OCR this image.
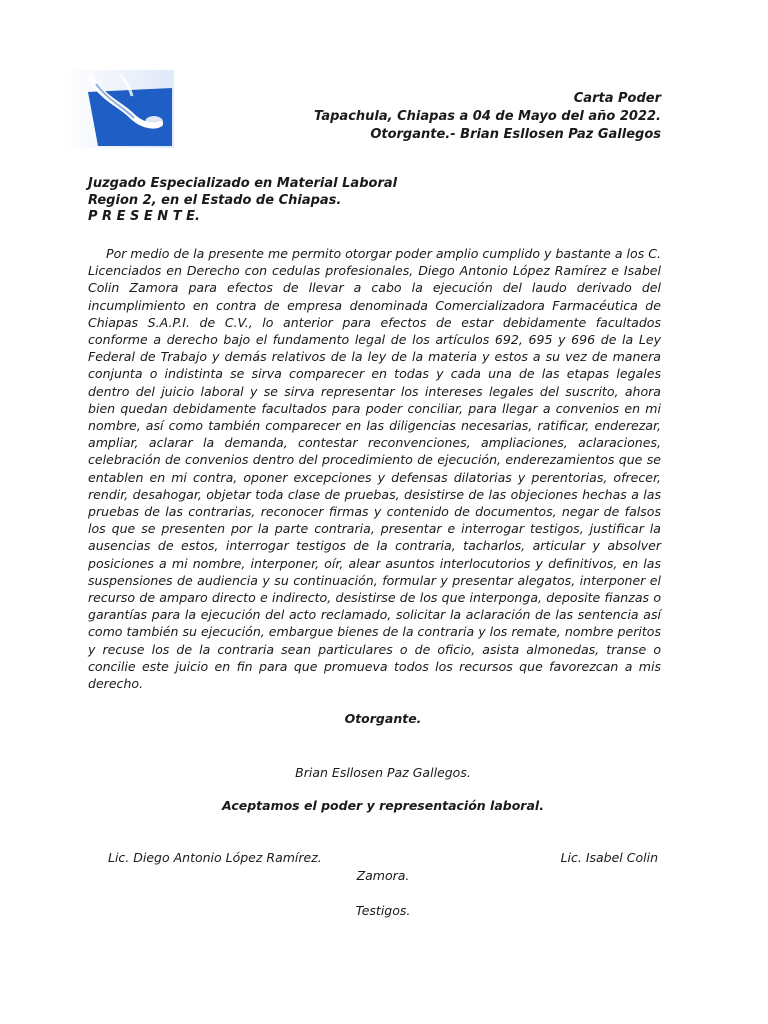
Carta Poder
Tapachula, Chiapas a 04 de Mayo del año 2022.
Otorgante.- Brian Esllosen Paz Gallegos
Juzgado Especializado en Material Laboral
Region 2, en el Estado de Chiapas.
P R E S E N T E.

Por medio de la presente me permito otorgar poder amplio cumplido y bastante a los C. Licenciados en Derecho con cedulas profesionales, Diego Antonio López Ramírez e Isabel Colin Zamora para efectos de llevar a cabo la ejecución del laudo derivado del incumplimiento en contra de empresa denominada Comercializadora Farmacéutica de Chiapas S.A.P.I. de C.V., lo anterior para efectos de estar debidamente facultados conforme a derecho bajo el fundamento legal de los artículos 692, 695 y 696 de la Ley Federal de Trabajo y demás relativos de la ley de la materia y estos a su vez de manera conjunta o indistinta se sirva comparecer en todas y cada una de las etapas legales dentro del juicio laboral y se sirva representar los intereses legales del suscrito, ahora bien quedan debidamente facultados para poder conciliar, para llegar a convenios en mi nombre, así como también comparecer en las diligencias necesarias, ratificar, enderezar, ampliar, aclarar la demanda, contestar reconvenciones, ampliaciones, aclaraciones, celebración de convenios dentro del procedimiento de ejecución, enderezamientos que se entablen en mi contra, oponer excepciones y defensas dilatorias y perentorias, ofrecer, rendir, desahogar, objetar toda clase de pruebas, desistirse de las objeciones hechas a las pruebas de las contrarias, reconocer firmas y contenido de documentos, negar de falsos los que se presenten por la parte contraria, presentar e interrogar testigos, justificar la ausencias de estos, interrogar testigos de la contraria, tacharlos, articular y absolver posiciones a mi nombre, interponer, oír, alear asuntos interlocutorios y definitivos, en las suspensiones de audiencia y su continuación, formular y presentar alegatos, interponer el recurso de amparo directo e indirecto, desistirse de los que interponga, deposite fianzas o garantías para la ejecución del acto reclamado, solicitar la aclaración de las sentencia así como también su ejecución, embargue bienes de la contraria y los remate, nombre peritos y recuse los de la contraria sean particulares o de oficio, asista almonedas, transe o concilie este juicio en fin para que promueva todos los recursos que favorezcan a mis derecho.

Otorgante.
Brian Esllosen Paz Gallegos.
Aceptamos el poder y representación laboral.
Lic. Diego Antonio López Ramírez.	Lic. Isabel Colin
Zamora.
Testigos.
